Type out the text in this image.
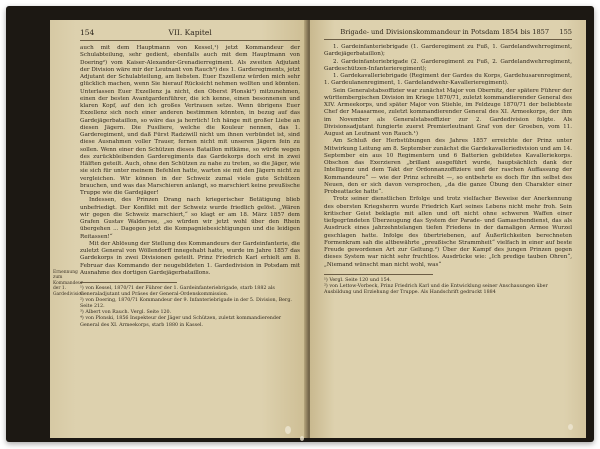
154	VII. Kapitel

auch mit dem Hauptmann von Kessel,¹) jetzt Kommandeur der Schulabteilung, sehr gedient, ebenfalls auch mit dem Hauptmann von Doering²) vom Kaiser-Alexander-Grenadierregiment. Als zweiten Adjutant der Division wäre mir der Leutnant von Rauch³) des 1. Garderegiments, jetzt Adjutant der Schulabteilung, am liebsten. Euer Exzellenz würden mich sehr glücklich machen, wenn Sie hierauf Rücksicht nehmen wollten und könnten. Unterlassen Euer Exzellenz ja nicht, den Oberst Plonski⁴) mitzunehmen, einen der besten Avantgardenführer, die ich kenne, einen besonnenen und klaren Kopf, auf den ich großes Vertrauen setze. Wenn übrigens Euer Exzellenz sich noch einer anderen bestimmen könnten, in bezug auf das Gardejägerbataillon, so wäre das ja herrlich! Ich hänge mit großer Liebe an diesen Jägern. Die Fusiliere, welche die Kouleur nennen, das 1. Garderegiment, und daß Fürst Radziwill nicht um ihnen verbündet ist, sind diese Ausnahmen voller Trauer, fernen nicht mit unseren Jägern fein zu sollen. Wenn einer den Schützen dieses Bataillon mitkäme, so würde wegen des zurückbleibenden Garderegiments das Gardekorps doch erst in zwei Hälften geteilt. Auch, ohne den Schützen zu nahe zu treten, so die Jäger, wie sie sich für unter meinem Befehlen hatte, warten sie mit den Jägern nicht zu vergleichen. Wir können in der Schweiz zumal viele gute Schützen brauchen, und was das Marschieren anlangt, so marschiert keine preußische Truppe wie die Gardejäger!

Indessen, des Prinzen Drang nach kriegerischer Betätigung blieb unbefriedigt. Der Konflikt mit der Schweiz wurde friedlich gelöst. „Wären wir gegen die Schweiz marschiert,“ so klagt er am 18. März 1857 dem Grafen Gustav Waldersee, „so würden wir jetzt wohl über den Rhein übergehen ... Dagegen jetzt die Kompagniebesichtigungen und die leidigen Reitassen!“

Mit der Ablösung der Stellung des Kommandeurs der Gardeinfanterie, die zuletzt General von Wöllendorff innegehabt hatte, wurde im Jahre 1857 das Gardekorps in zwei Divisionen geteilt. Prinz Friedrich Karl erhielt am 8. Februar das Kommando der neugebildeten 1. Gardedivision in Potsdam mit Ausnahme des dortigen Gardejägerbataillons.

¹) von Kessel, 1870/71 der Führer der 1. Gardeinfanteriebrigade, starb 1882 als Generaladjutant und Präses der General-Ordenskommission.
²) von Doering, 1870/71 Kommandeur der 9. Infanteriebrigade in der 5. Division, Berg. Seite 212.
³) Albert von Rauch. Vergl. Seite 120.
⁴) von Plonski, 1856 Inspekteur der Jäger und Schützen, zuletzt kommandierender General des XI. Armeekorps, starb 1880 in Kassel.
Ernennung zum Kommandeur der 1. Gardedivision
Brigade- und Divisionskommandeur in Potsdam 1854 bis 1857 155

1. Gardeinfanteriebrigade (1. Garderegiment zu Fuß, 1. Gardelandwehrregiment, Gardejägerbataillon);

2. Gardeinfanteriebrigade (2. Garderegiment zu Fuß, 2. Gardelandwehrregiment, Gardeschützen-Infanterieregiment);

1. Gardekavalleriebrigade (Regiment der Gardes du Korps, Gardehusarenregiment, 1. Gardeulanenregiment, 1. Gardelandwehr-Kavallerieregiment).

Sein Generalstabsoffizier war zunächst Major von Obernitz, der spätere Führer der württembergischen Division im Kriege 1870/71, zuletzt kommandierender General des XIV. Armeekorps, und später Major von Stiehle, im Feldzuge 1870/71 der beliebteste Chef der Maasarmee, zuletzt kommandierender General des XI. Armeekorps, der ihm im November als Generalstabsoffizier zur 2. Gardedivision folgte. Als Divisionsadjutant fungierte zuerst Premierleutnant Graf von der Groeben, vom 11. August an Leutnant von Rauch.¹)

Am Schluß der Herbstübungen des Jahres 1857 erreichte der Prinz unter Mitwirkung Leitung am 8. September zunächst die Gardekavalleriedivision und am 14. September ein aus 10 Regimentern und 6 Batterien gebildetes Kavalleriekorps. Obschon das Exerzieren „brillant ausgeführt wurde, hauptsächlich dank der Intelligenz und dem Takt der Ordonnanzoffiziere und der raschen Auffassung der Kommandeure“ — wie der Prinz schreibt —, so entbehrte es doch für ihn selbst des Neuen, den er sich davon versprochen, „da die ganze Übung den Charakter einer Probeattacke hatte“.

Trotz seiner dienstlichen Erfolge und trotz vielfacher Beweise der Anerkennung des obersten Kriegsherrn wurde Friedrich Karl seines Lebens nicht mehr froh. Sein kritischer Geist beklagte mit allen und oft nicht ohne schweren Waffen einer tiefgegründeten Überzeugung das System der Parade- und Gamaschendienst, das als Ausdruck eines jahrzehntelangen tiefen Friedens in der damaligen Armee Wurzel geschlagen hatte. Infolge des übertriebenen, auf Äußerlichkeiten berechneten Formenkram sah die altbewährte „preußische Strammheit“ vielfach in einer auf beste Freude gewordenen Art zur Geltung.²) Über der Kampf des jungen Prinzen gegen dieses System war nicht sehr fruchtlos. Ausdrücke wie: „Ich predige tauben Ohren“, „Niemand wünscht man nicht wohl, was“

¹) Vergl. Seite 120 und 154.
²) von Lettow-Vorbeck, Prinz Friedrich Karl und die Entwicklung seiner Anschauungen über Ausbildung und Erziehung der Truppe. Als Handschrift gedruckt 1884
